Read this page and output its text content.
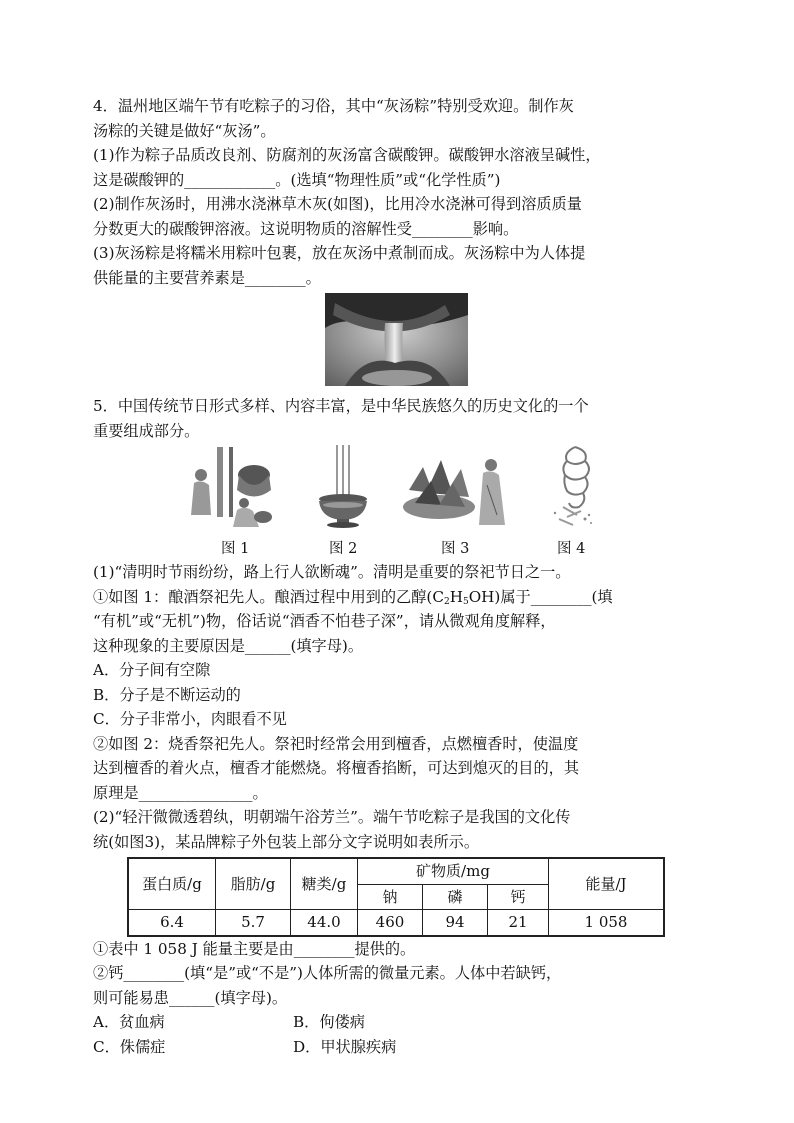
4．温州地区端午节有吃粽子的习俗，其中“灰汤粽”特别受欢迎。制作灰
汤粽的关键是做好“灰汤”。
(1)作为粽子品质改良剂、防腐剂的灰汤富含碳酸钾。碳酸钾水溶液呈碱性，
这是碳酸钾的____________。(选填“物理性质”或“化学性质”)
(2)制作灰汤时，用沸水浇淋草木灰(如图)，比用冷水浇淋可得到溶质质量
分数更大的碳酸钾溶液。这说明物质的溶解性受________影响。
(3)灰汤粽是将糯米用粽叶包裹，放在灰汤中煮制而成。灰汤粽中为人体提
供能量的主要营养素是________。
5．中国传统节日形式多样、内容丰富，是中华民族悠久的历史文化的一个
重要组成部分。
图 1	图 2	图 3	图 4
(1)“清明时节雨纷纷，路上行人欲断魂”。清明是重要的祭祀节日之一。
①如图 1：酿酒祭祀先人。酿酒过程中用到的乙醇$(C_2H_5OH)$属于________(填
“有机”或“无机”)物，俗话说“酒香不怕巷子深”，请从微观角度解释，
这种现象的主要原因是______(填字母)。
A．分子间有空隙
B．分子是不断运动的
C．分子非常小，肉眼看不见
②如图 2：烧香祭祀先人。祭祀时经常会用到檀香，点燃檀香时，使温度
达到檀香的着火点，檀香才能燃烧。将檀香掐断，可达到熄灭的目的，其
原理是_______________。
(2)“轻汗微微透碧纨，明朝端午浴芳兰”。端午节吃粽子是我国的文化传
统(如图3)，某品牌粽子外包装上部分文字说明如表所示。
蛋白质/g	脂肪/g	糖类/g	矿物质/mg			能量/J
			钠	磷	钙	
6.4	5.7	44.0	460	94	21	1 058
①表中 1 058 J 能量主要是由________提供的。
②钙________(填“是”或“不是”)人体所需的微量元素。人体中若缺钙，
则可能易患______(填字母)。
A．贫血病	B．佝偻病
C．侏儒症	D．甲状腺疾病
